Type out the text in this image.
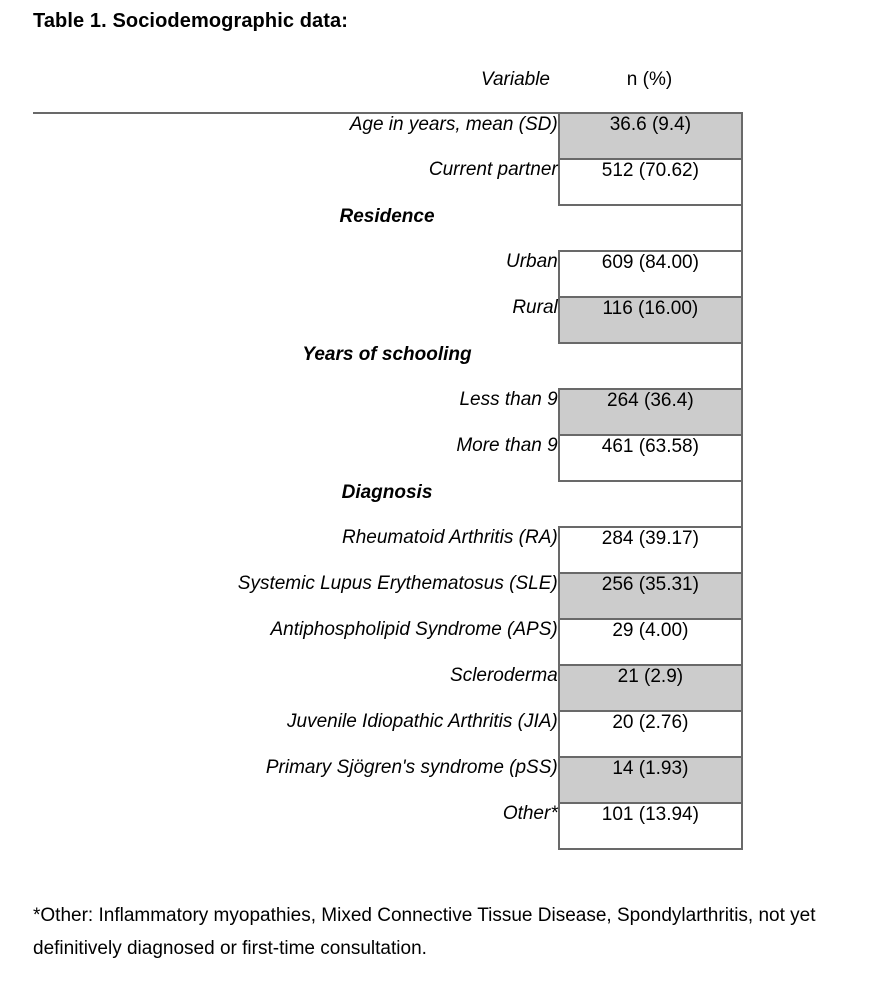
Table 1. Sociodemographic data:
Variable	n (%)
Age in years, mean (SD)	36.6 (9.4)
Current partner	512 (70.62)
Residence	
Urban	609 (84.00)
Rural	116 (16.00)
Years of schooling	
Less than 9	264 (36.4)
More than 9	461 (63.58)
Diagnosis	
Rheumatoid Arthritis (RA)	284 (39.17)
Systemic Lupus Erythematosus (SLE)	256 (35.31)
Antiphospholipid Syndrome (APS)	29 (4.00)
Scleroderma	21 (2.9)
Juvenile Idiopathic Arthritis (JIA)	20 (2.76)
Primary Sjögren's syndrome (pSS)	14 (1.93)
Other*	101 (13.94)
*Other: Inflammatory myopathies, Mixed Connective Tissue Disease, Spondylarthritis, not yet
definitively diagnosed or first-time consultation.
